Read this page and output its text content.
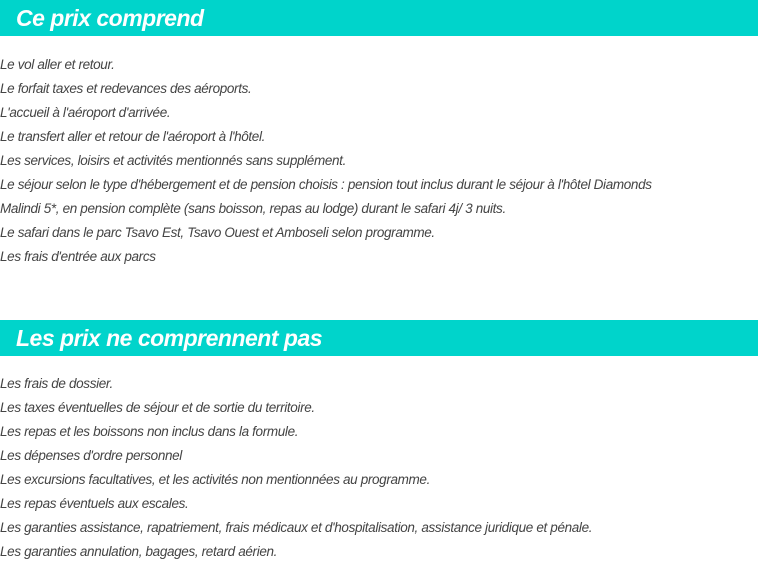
Ce prix comprend
Le vol aller et retour.
Le forfait taxes et redevances des aéroports.
L'accueil à l'aéroport d'arrivée.
Le transfert aller et retour de l'aéroport à l'hôtel.
Les services, loisirs et activités mentionnés sans supplément.
Le séjour selon le type d'hébergement et de pension choisis : pension tout inclus durant le séjour à l'hôtel Diamonds
Malindi 5*, en pension complète (sans boisson, repas au lodge) durant le safari 4j/ 3 nuits.
Le safari dans le parc Tsavo Est, Tsavo Ouest et Amboseli selon programme.
Les frais d'entrée aux parcs
Les prix ne comprennent pas
Les frais de dossier.
Les taxes éventuelles de séjour et de sortie du territoire.
Les repas et les boissons non inclus dans la formule.
Les dépenses d'ordre personnel
Les excursions facultatives, et les activités non mentionnées au programme.
Les repas éventuels aux escales.
Les garanties assistance, rapatriement, frais médicaux et d'hospitalisation, assistance juridique et pénale.
Les garanties annulation, bagages, retard aérien.
